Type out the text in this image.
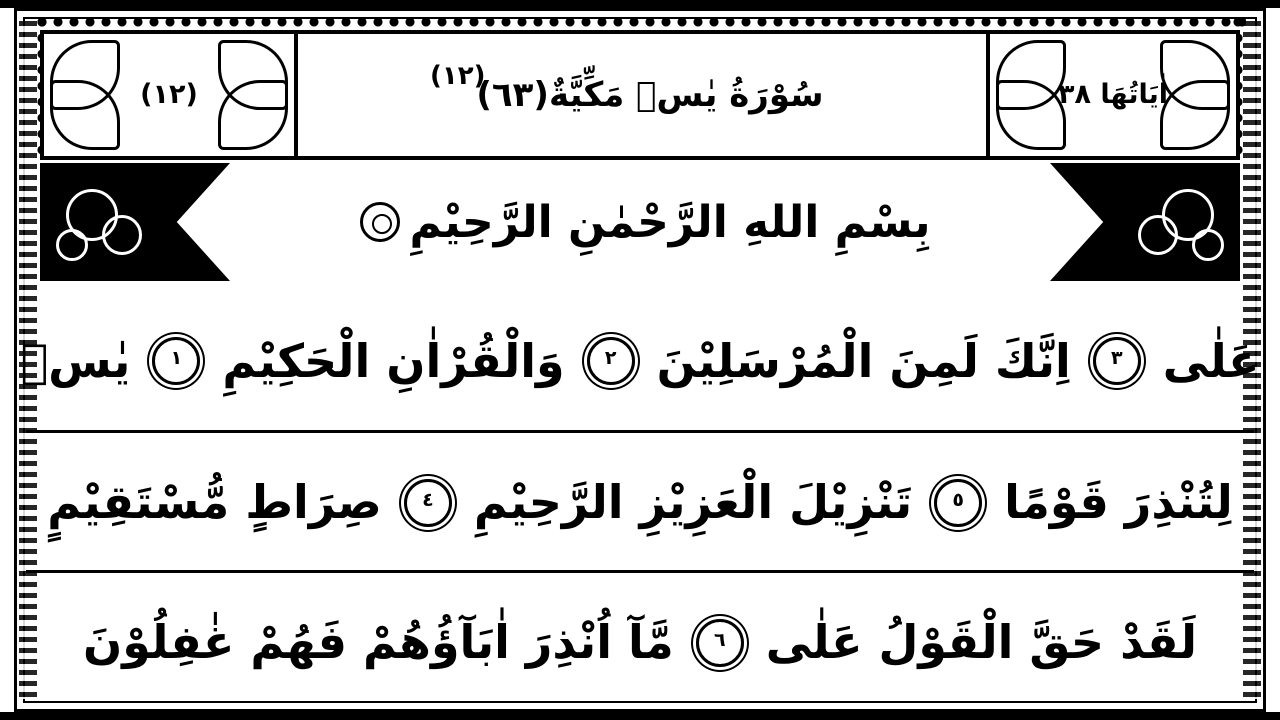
اٰيَاتُهَا ٨٣
(٣٦) سُوْرَةُ يٰسۤ مَكِّيَّةٌ
(٢١)
(٢١)
بِسْمِ اللهِ الرَّحْمٰنِ الرَّحِيْمِ
عَلٰى ٣ اِنَّكَ لَمِنَ الْمُرْسَلِيْنَ ٢ وَالْقُرْاٰنِ الْحَكِيْمِ ١ يٰسۤ
لِتُنْذِرَ قَوْمًا ٥ تَنْزِيْلَ الْعَزِيْزِ الرَّحِيْمِ ٤ صِرَاطٍ مُّسْتَقِيْمٍ
لَقَدْ حَقَّ الْقَوْلُ عَلٰى ٦ مَّآ اُنْذِرَ اٰبَآؤُهُمْ فَهُمْ غٰفِلُوْنَ
